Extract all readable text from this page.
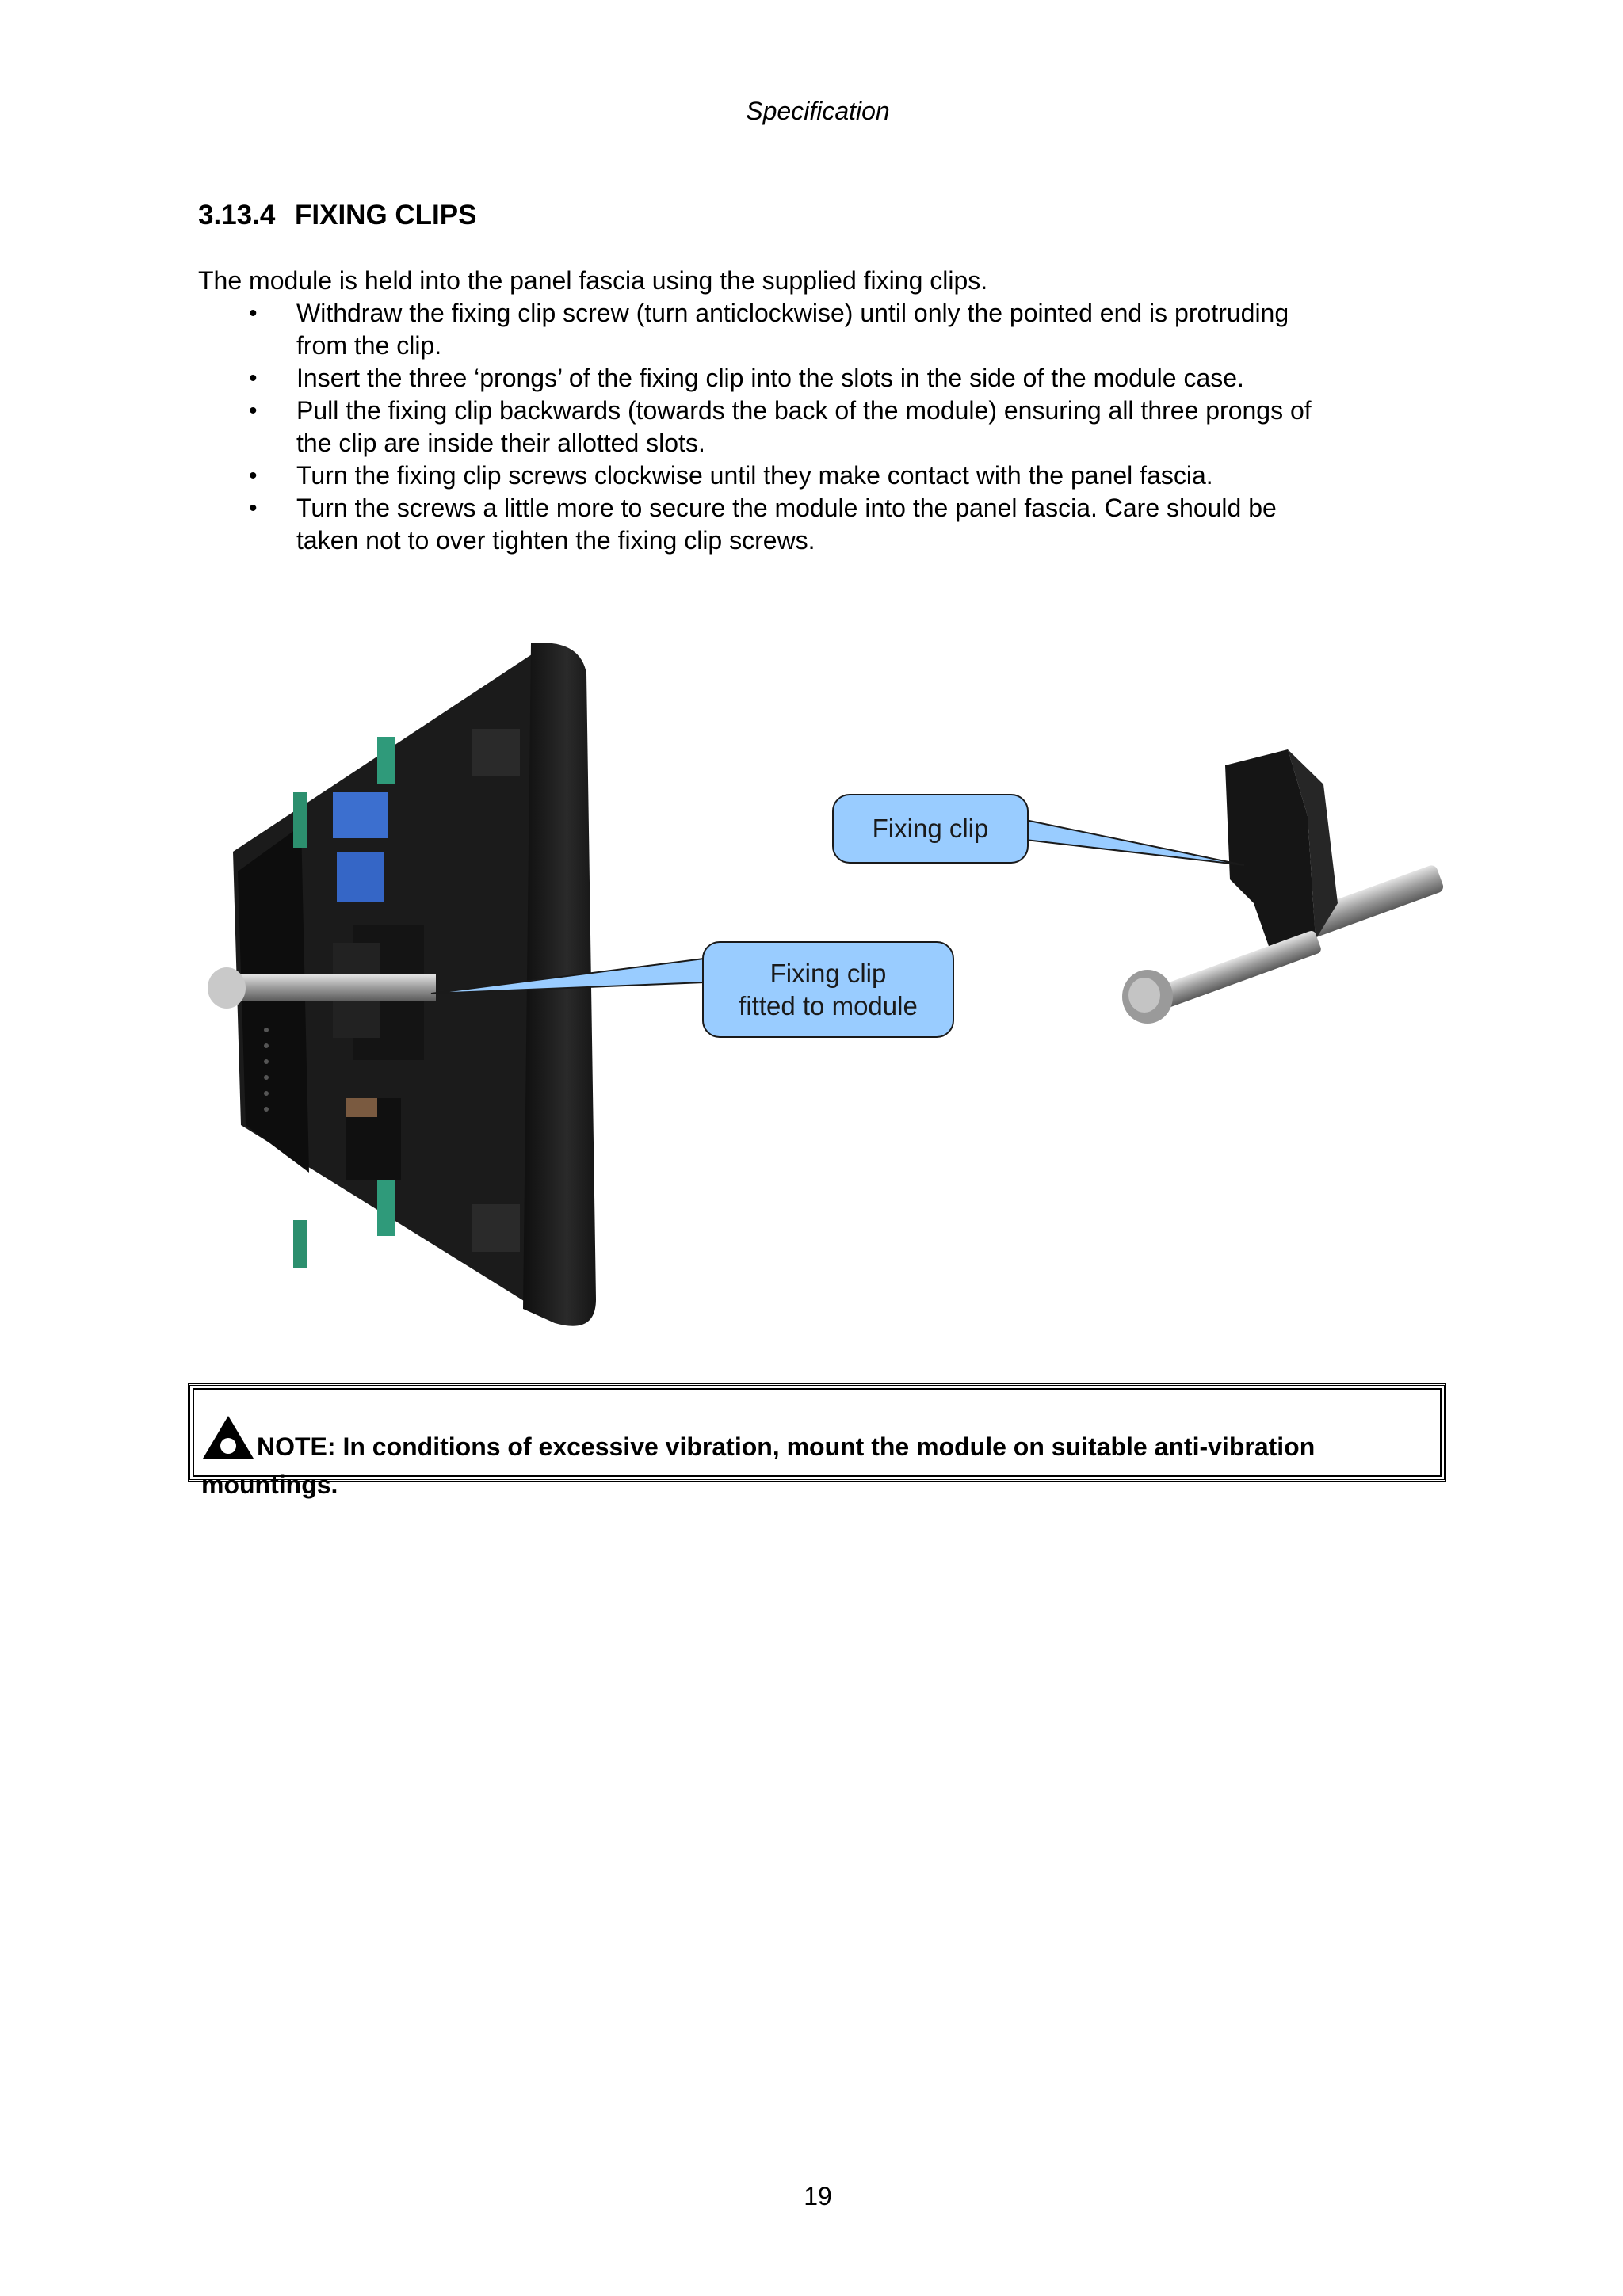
Specification
3.13.4 FIXING CLIPS
The module is held into the panel fascia using the supplied fixing clips.
• Withdraw the fixing clip screw (turn anticlockwise) until only the pointed end is protruding
from the clip.
• Insert the three ‘prongs’ of the fixing clip into the slots in the side of the module case.
• Pull the fixing clip backwards (towards the back of the module) ensuring all three prongs of
the clip are inside their allotted slots.
• Turn the fixing clip screws clockwise until they make contact with the panel fascia.
• Turn the screws a little more to secure the module into the panel fascia. Care should be
taken not to over tighten the fixing clip screws.
Fixing clip
Fixing clip
fitted to module
NOTE: In conditions of excessive vibration, mount the module on suitable anti-vibration
mountings.
19
